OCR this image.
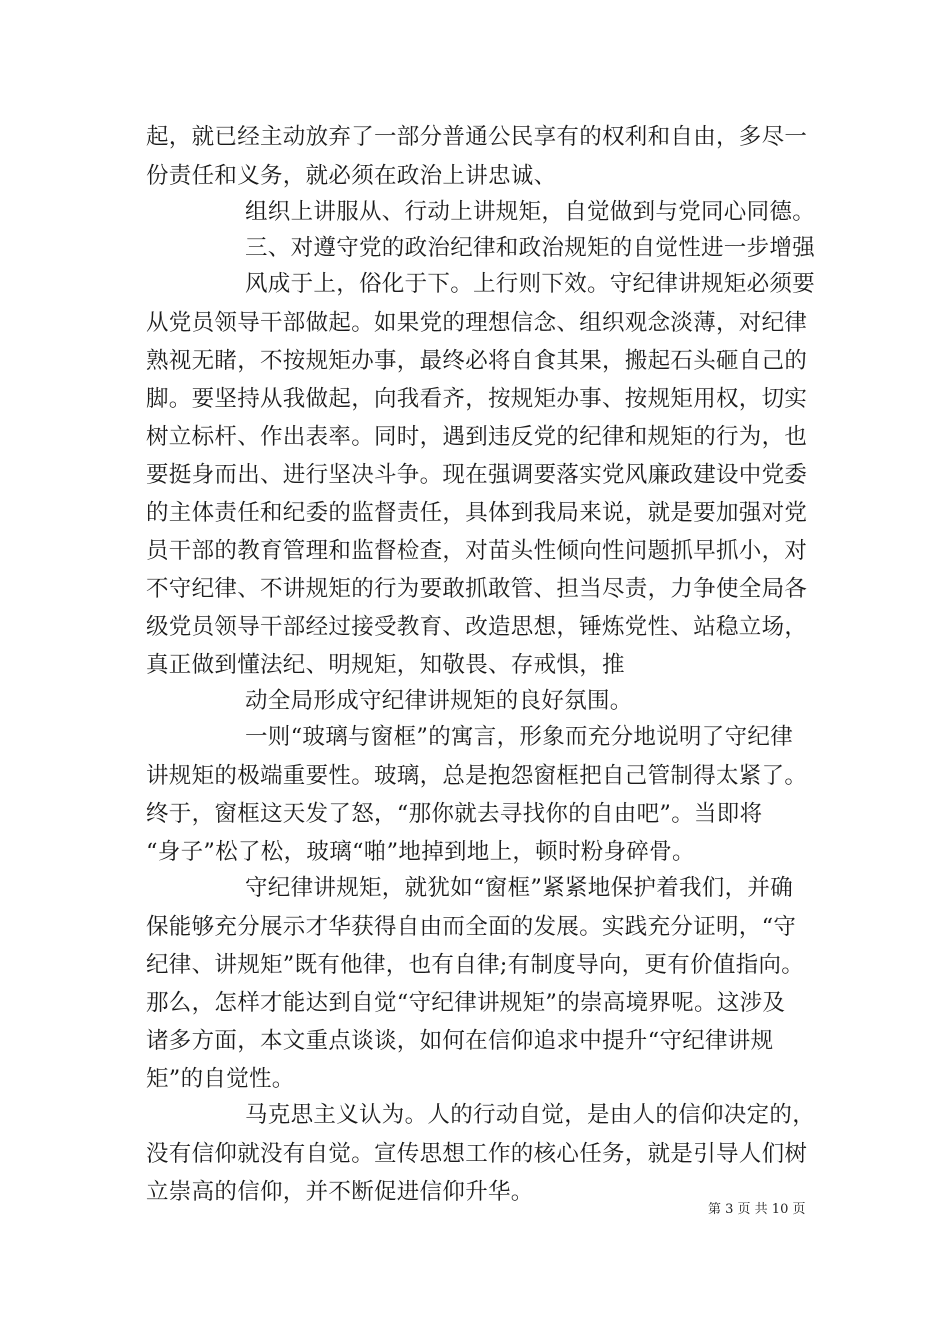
起，就已经主动放弃了一部分普通公民享有的权利和自由，多尽一
份责任和义务，就必须在政治上讲忠诚、
组织上讲服从、行动上讲规矩，自觉做到与党同心同德。
三、对遵守党的政治纪律和政治规矩的自觉性进一步增强
风成于上，俗化于下。上行则下效。守纪律讲规矩必须要
从党员领导干部做起。如果党的理想信念、组织观念淡薄，对纪律
熟视无睹，不按规矩办事，最终必将自食其果，搬起石头砸自己的
脚。要坚持从我做起，向我看齐，按规矩办事、按规矩用权，切实
树立标杆、作出表率。同时，遇到违反党的纪律和规矩的行为，也
要挺身而出、进行坚决斗争。现在强调要落实党风廉政建设中党委
的主体责任和纪委的监督责任，具体到我局来说，就是要加强对党
员干部的教育管理和监督检查，对苗头性倾向性问题抓早抓小，对
不守纪律、不讲规矩的行为要敢抓敢管、担当尽责，力争使全局各
级党员领导干部经过接受教育、改造思想，锤炼党性、站稳立场，
真正做到懂法纪、明规矩，知敬畏、存戒惧，推
动全局形成守纪律讲规矩的良好氛围。
一则“玻璃与窗框”的寓言，形象而充分地说明了守纪律
讲规矩的极端重要性。玻璃，总是抱怨窗框把自己管制得太紧了。
终于，窗框这天发了怒，“那你就去寻找你的自由吧”。当即将
“身子”松了松，玻璃“啪”地掉到地上，顿时粉身碎骨。
守纪律讲规矩，就犹如“窗框”紧紧地保护着我们，并确
保能够充分展示才华获得自由而全面的发展。实践充分证明，“守
纪律、讲规矩”既有他律，也有自律;有制度导向，更有价值指向。
那么，怎样才能达到自觉“守纪律讲规矩”的崇高境界呢。这涉及
诸多方面，本文重点谈谈，如何在信仰追求中提升“守纪律讲规
矩”的自觉性。
马克思主义认为。人的行动自觉，是由人的信仰决定的，
没有信仰就没有自觉。宣传思想工作的核心任务，就是引导人们树
立崇高的信仰，并不断促进信仰升华。
第 3 页 共 10 页
